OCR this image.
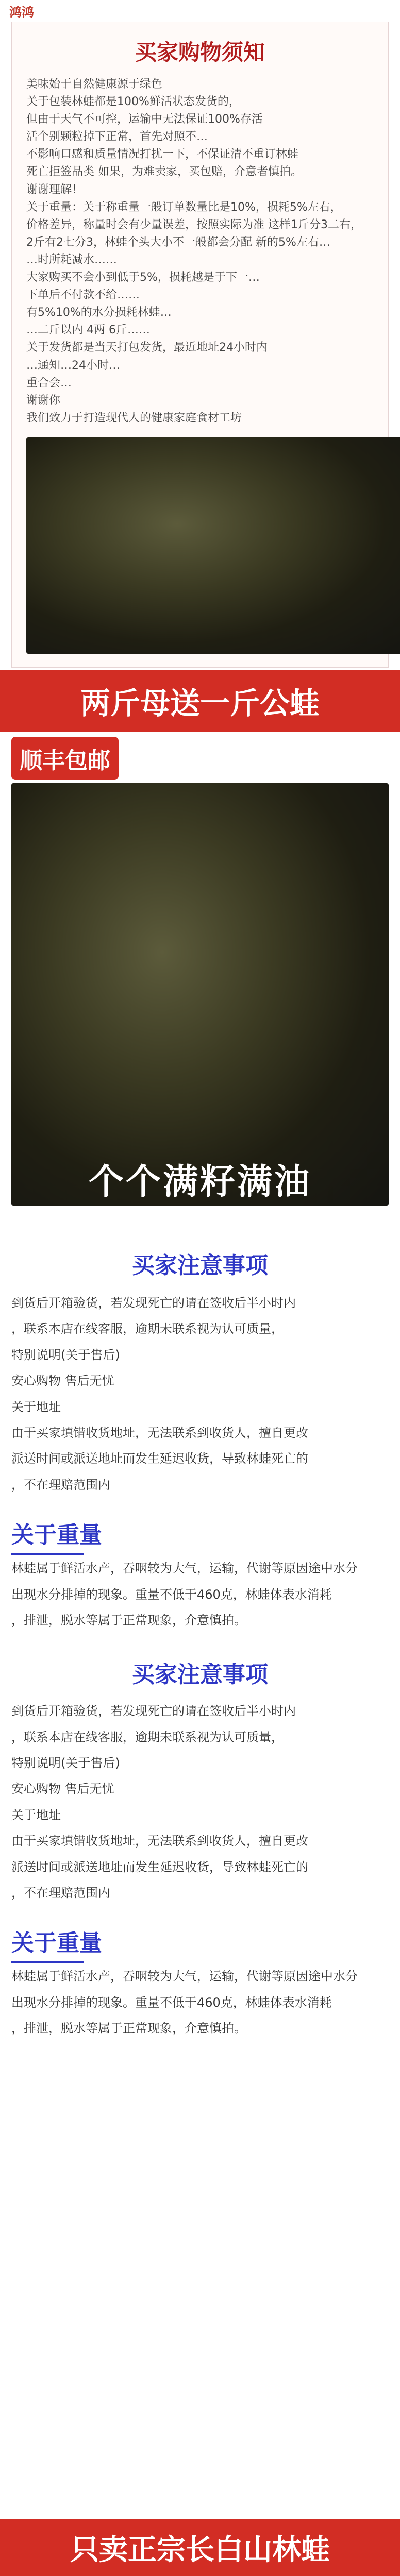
鸿鸿
买家购物须知
美味始于自然健康源于绿色
关于包装林蛙都是100%鲜活状态发货的，
但由于天气不可控，运输中无法保证100%存活
活个别颗粒掉下正常，首先对照不…
不影响口感和质量情况打扰一下，不保证清不重订林蛙
死亡拒签品类 如果，为难卖家，买包赔，介意者慎拍。
谢谢理解！
关于重量：关于称重量一般订单数量比是10%，损耗5%左右，
价格差异，称量时会有少量误差，按照实际为准 这样1斤分3二右，
2斤有2七分3，林蛙个头大小不一般都会分配 新的5%左右…
…时所耗减水……
大家购买不会小到低于5%，损耗越是于下一…
下单后不付款不给……
有5%10%的水分损耗林蛙…
…二斤以内 4两 6斤……
关于发货都是当天打包发货，最近地址24小时内
…通知…24小时…
重合会…
谢谢你
我们致力于打造现代人的健康家庭食材工坊
两斤母送一斤公蛙
顺丰包邮
个个满籽满油
买家注意事项
到货后开箱验货，若发现死亡的请在签收后半小时内
，联系本店在线客服，逾期未联系视为认可质量，
特别说明(关于售后)
安心购物 售后无忧
关于地址
由于买家填错收货地址，无法联系到收货人，擅自更改
派送时间或派送地址而发生延迟收货，导致林蛙死亡的
，不在理赔范围内
关于重量
林蛙属于鲜活水产，吞咽较为大气，运输，代谢等原因途中水分
出现水分排掉的现象。重量不低于460克，林蛙体表水消耗
，排泄，脱水等属于正常现象，介意慎拍。
买家注意事项
到货后开箱验货，若发现死亡的请在签收后半小时内
，联系本店在线客服，逾期未联系视为认可质量，
特别说明(关于售后)
安心购物 售后无忧
关于地址
由于买家填错收货地址，无法联系到收货人，擅自更改
派送时间或派送地址而发生延迟收货，导致林蛙死亡的
，不在理赔范围内
关于重量
林蛙属于鲜活水产，吞咽较为大气，运输，代谢等原因途中水分
出现水分排掉的现象。重量不低于460克，林蛙体表水消耗
，排泄，脱水等属于正常现象，介意慎拍。
只卖正宗长白山林蛙
